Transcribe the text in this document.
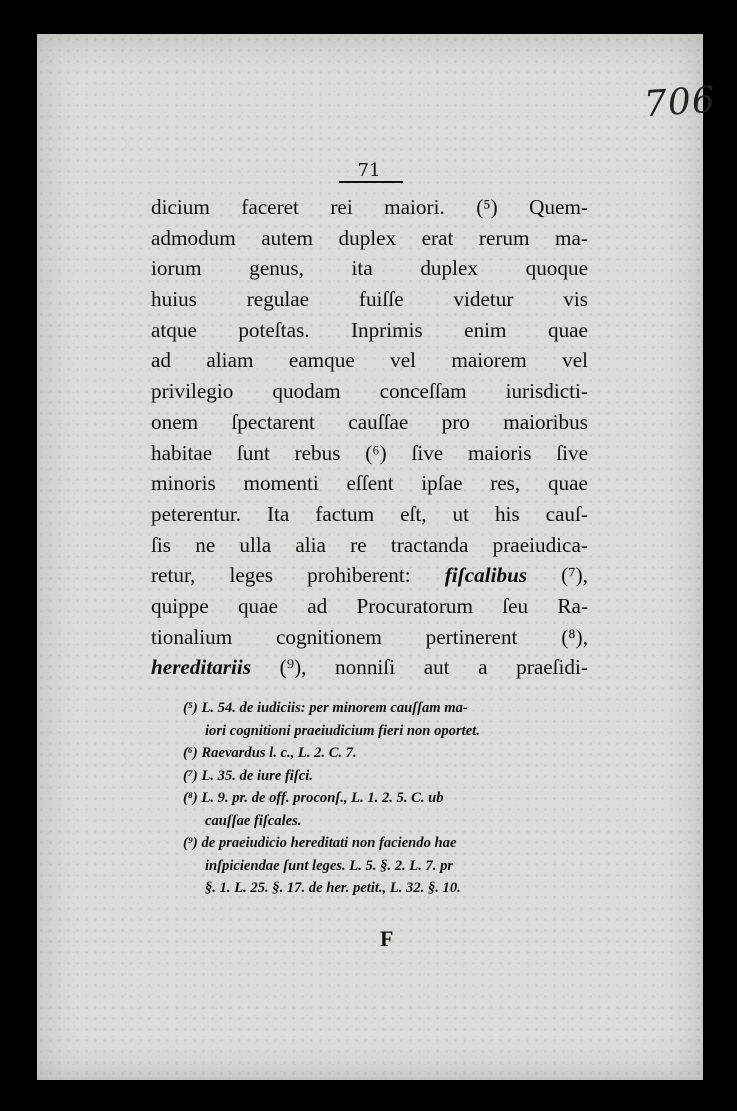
706
71
dicium faceret rei maiori. (⁵) Quem-
admodum autem duplex erat rerum ma-
iorum genus, ita duplex quoque
huius regulae fuiſſe videtur vis
atque poteſtas. Inprimis enim quae
ad aliam eamque vel maiorem vel
privilegio quodam conceſſam iurisdicti-
onem ſpectarent cauſſae pro maioribus
habitae ſunt rebus (⁶) ſive maioris ſive
minoris momenti eſſent ipſae res, quae
peterentur. Ita factum eſt, ut his cauſ-
ſis ne ulla alia re tractanda praeiudica-
retur, leges prohiberent: fiſcalibus (⁷),
quippe quae ad Procuratorum ſeu Ra-
tionalium cognitionem pertinerent (⁸),
hereditariis (⁹), nonniſi aut a praeſidi-
(⁵) L. 54. de iudiciis: per minorem cauſſam ma-
iori cognitioni praeiudicium fieri non oportet.
(⁶) Raevardus l. c., L. 2. C. 7.
(⁷) L. 35. de iure fiſci.
(⁸) L. 9. pr. de off. proconſ., L. 1. 2. 5. C. ub
cauſſae fiſcales.
(⁹) de praeiudicio hereditati non faciendo hae
inſpiciendae ſunt leges. L. 5. §. 2. L. 7. pr
§. 1. L. 25. §. 17. de her. petit., L. 32. §. 10.
F
